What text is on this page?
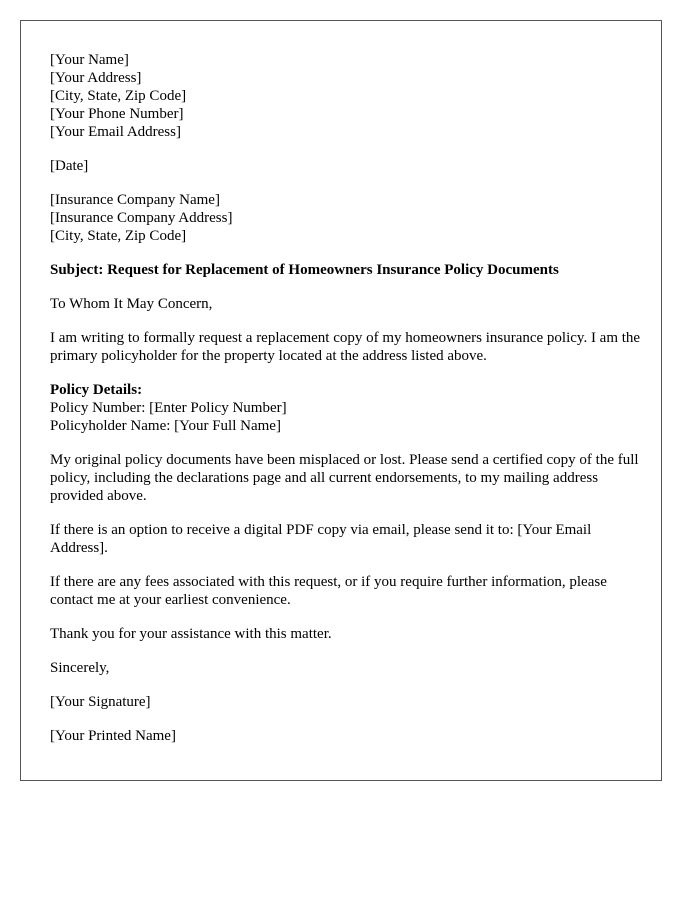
[Your Name]
[Your Address]
[City, State, Zip Code]
[Your Phone Number]
[Your Email Address]
[Date]
[Insurance Company Name]
[Insurance Company Address]
[City, State, Zip Code]

Subject: Request for Replacement of Homeowners Insurance Policy Documents

To Whom It May Concern,

I am writing to formally request a replacement copy of my homeowners insurance policy. I am the primary policyholder for the property located at the address listed above.

Policy Details:
Policy Number: [Enter Policy Number]
Policyholder Name: [Your Full Name]

My original policy documents have been misplaced or lost. Please send a certified copy of the full policy, including the declarations page and all current endorsements, to my mailing address provided above.

If there is an option to receive a digital PDF copy via email, please send it to: [Your Email Address].

If there are any fees associated with this request, or if you require further information, please contact me at your earliest convenience.

Thank you for your assistance with this matter.

Sincerely,

[Your Signature]

[Your Printed Name]
